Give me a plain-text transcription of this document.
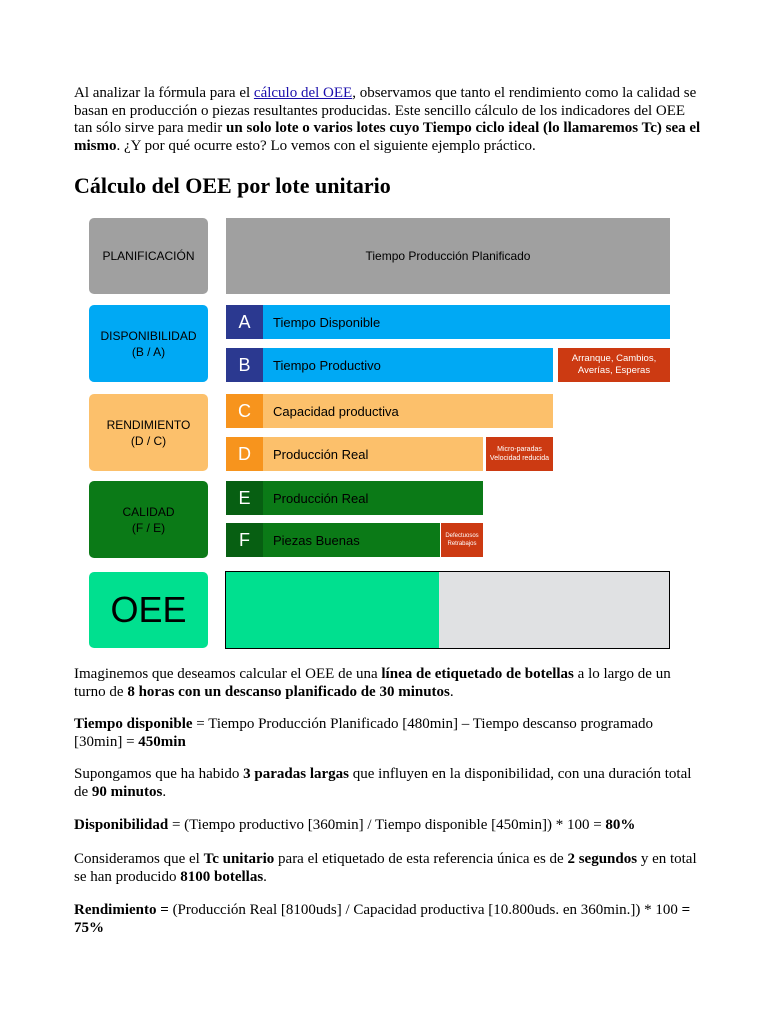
Al analizar la fórmula para el cálculo del OEE, observamos que tanto el rendimiento como la calidad se basan en producción o piezas resultantes producidas. Este sencillo cálculo de los indicadores del OEE tan sólo sirve para medir un solo lote o varios lotes cuyo Tiempo ciclo ideal (lo llamaremos Tc) sea el mismo. ¿Y por qué ocurre esto? Lo vemos con el siguiente ejemplo práctico.

Cálculo del OEE por lote unitario
PLANIFICACIÓN	Tiempo Producción Planificado
DISPONIBILIDAD
(B / A)
A	Tiempo Disponible
B	Tiempo Productivo	Arranque, Cambios,
Averías, Esperas
RENDIMIENTO
(D / C)
C	Capacidad productiva
D	Producción Real	Micro-paradas
Velocidad reducida
CALIDAD
(F / E)
E	Producción Real
F	Piezas Buenas	Defectuosos
Retrabajos
OEE

Imaginemos que deseamos calcular el OEE de una línea de etiquetado de botellas a lo largo de un turno de 8 horas con un descanso planificado de 30 minutos.

Tiempo disponible = Tiempo Producción Planificado [480min] – Tiempo descanso programado [30min] = 450min

Supongamos que ha habido 3 paradas largas que influyen en la disponibilidad, con una duración total de 90 minutos.

Disponibilidad = (Tiempo productivo [360min] / Tiempo disponible [450min]) * 100 = 80%

Consideramos que el Tc unitario para el etiquetado de esta referencia única es de 2 segundos y en total se han producido 8100 botellas.

Rendimiento = (Producción Real [8100uds] / Capacidad productiva [10.800uds. en 360min.]) * 100 = 75%
